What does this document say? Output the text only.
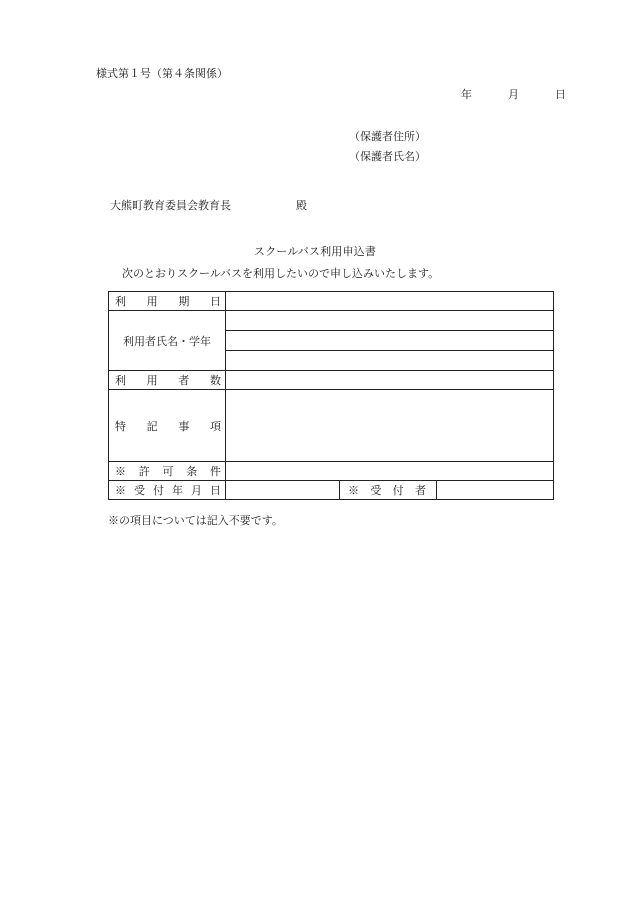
様式第１号（第４条関係）
年	月	日
（保護者住所）
（保護者氏名）
大熊町教育委員会教育長	殿
スクールバス利用申込書
次のとおりスクールバスを利用したいので申し込みいたします。
利　用　期　日			
利用者氏名・学年			

利　用　者　数			
特　記　事　項			
※　許　可　条　件			
※ 受 付 年 月 日		※　受　付　者	
※の項目については記入不要です。
